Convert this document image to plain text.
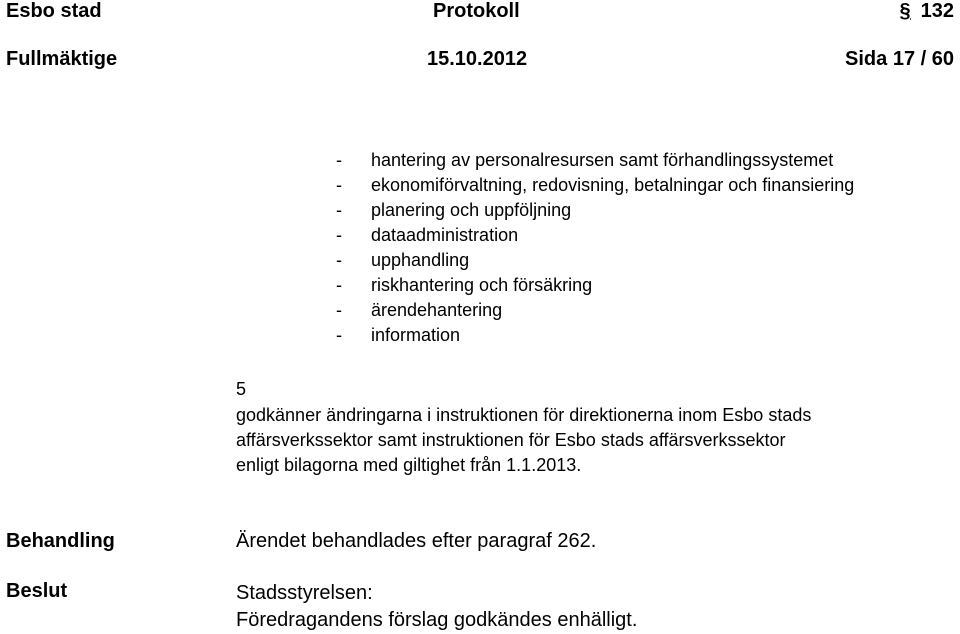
Esbo stad	Protokoll	§ 132
Fullmäktige	15.10.2012	Sida 17 / 60
- hantering av personalresursen samt förhandlingssystemet
- ekonomiförvaltning, redovisning, betalningar och finansiering
- planering och uppföljning
- dataadministration
- upphandling
- riskhantering och försäkring
- ärendehantering
- information
5
godkänner ändringarna i instruktionen för direktionerna inom Esbo stads
affärsverkssektor samt instruktionen för Esbo stads affärsverkssektor
enligt bilagorna med giltighet från 1.1.2013.
Behandling	Ärendet behandlades efter paragraf 262.
Beslut	Stadsstyrelsen:
Föredragandens förslag godkändes enhälligt.
